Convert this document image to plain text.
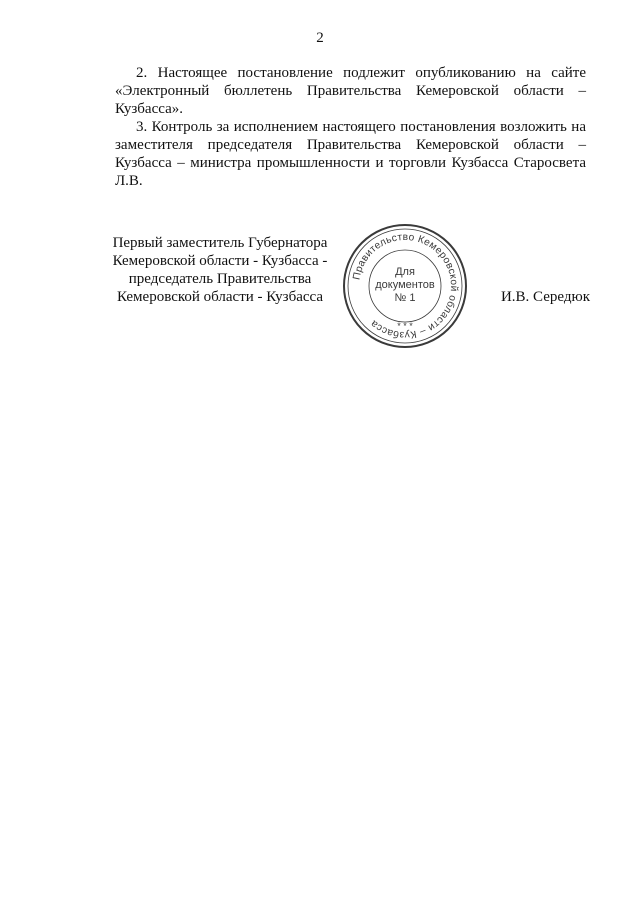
2

2. Настоящее постановление подлежит опубликованию на сайте «Электронный бюллетень Правительства Кемеровской области – Кузбасса».

3. Контроль за исполнением настоящего постановления возложить на заместителя председателя Правительства Кемеровской области – Кузбасса – министра промышленности и торговли Кузбасса Старосвета Л.В.

Первый заместитель Губернатора
Кемеровской области - Кузбасса -
председатель Правительства
Кемеровской области - Кузбасса
Правительство Кемеровской области – Кузбасса	* * *
Для
документов
№ 1	И.В. Середюк
